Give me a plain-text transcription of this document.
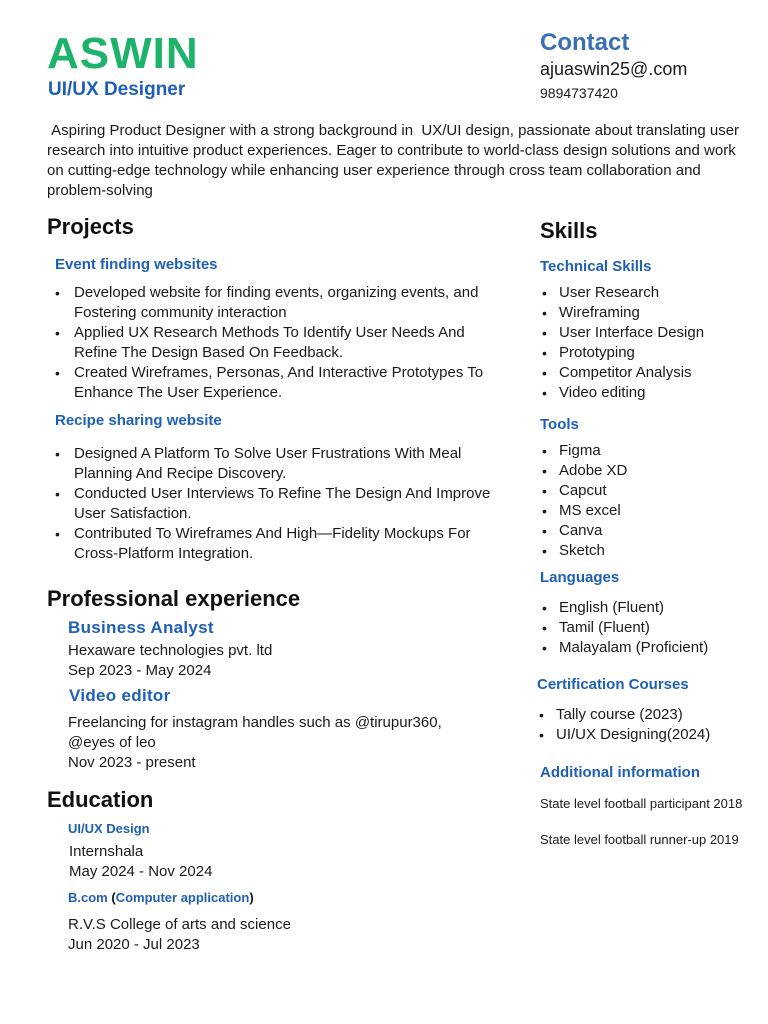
ASWIN
UI/UX Designer
Contact
ajuaswin25@.com
9894737420
Aspiring Product Designer with a strong background in  UX/UI design, passionate about translating user research into intuitive product experiences. Eager to contribute to world-class design solutions and work on cutting-edge technology while enhancing user experience through cross team collaboration and problem-solving
Projects
Event finding websites
• Developed website for finding events, organizing events, and Fostering community interaction
• Applied UX Research Methods To Identify User Needs And Refine The Design Based On Feedback.
• Created Wireframes, Personas, And Interactive Prototypes To Enhance The User Experience.
Recipe sharing website
• Designed A Platform To Solve User Frustrations With Meal Planning And Recipe Discovery.
• Conducted User Interviews To Refine The Design And Improve User Satisfaction.
• Contributed To Wireframes And High—Fidelity Mockups For Cross-Platform Integration.
Professional experience
Business Analyst
Hexaware technologies pvt. ltd
Sep 2023 - May 2024
Video editor
Freelancing for instagram handles such as @tirupur360, @eyes of leo
Nov 2023 - present
Education
UI/UX Design
Internshala
May 2024 - Nov 2024
B.com (Computer application)
R.V.S College of arts and science
Jun 2020 - Jul 2023
Skills
Technical Skills
• User Research
• Wireframing
• User Interface Design
• Prototyping
• Competitor Analysis
• Video editing
Tools
• Figma
• Adobe XD
• Capcut
• MS excel
• Canva
• Sketch
Languages
• English (Fluent)
• Tamil (Fluent)
• Malayalam (Proficient)
Certification Courses
• Tally course (2023)
• UI/UX Designing(2024)
Additional information
State level football participant 2018
State level football runner-up 2019
